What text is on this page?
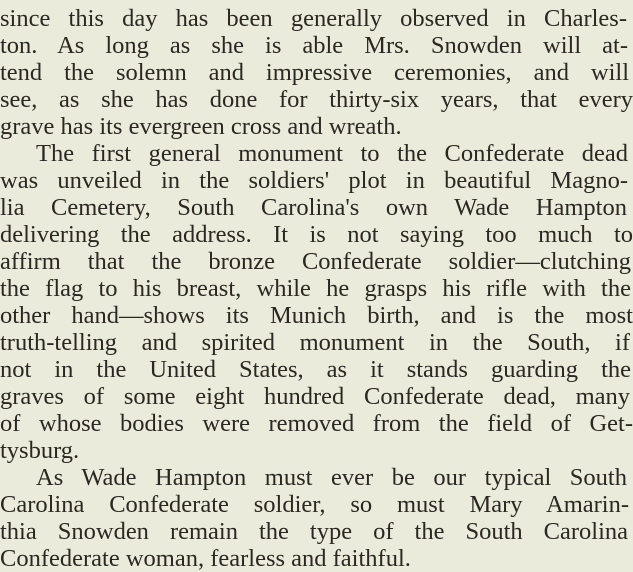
since this day has been generally observed in Charles-

ton. As long as she is able Mrs. Snowden will at-

tend the solemn and impressive ceremonies, and will

see, as she has done for thirty-six years, that every

grave has its evergreen cross and wreath.

The first general monument to the Confederate dead

was unveiled in the soldiers' plot in beautiful Magno-

lia Cemetery, South Carolina's own Wade Hampton

delivering the address. It is not saying too much to

affirm that the bronze Confederate soldier—clutching

the flag to his breast, while he grasps his rifle with the

other hand—shows its Munich birth, and is the most

truth-telling and spirited monument in the South, if

not in the United States, as it stands guarding the

graves of some eight hundred Confederate dead, many

of whose bodies were removed from the field of Get-

tysburg.

As Wade Hampton must ever be our typical South

Carolina Confederate soldier, so must Mary Amarin-

thia Snowden remain the type of the South Carolina

Confederate woman, fearless and faithful.
